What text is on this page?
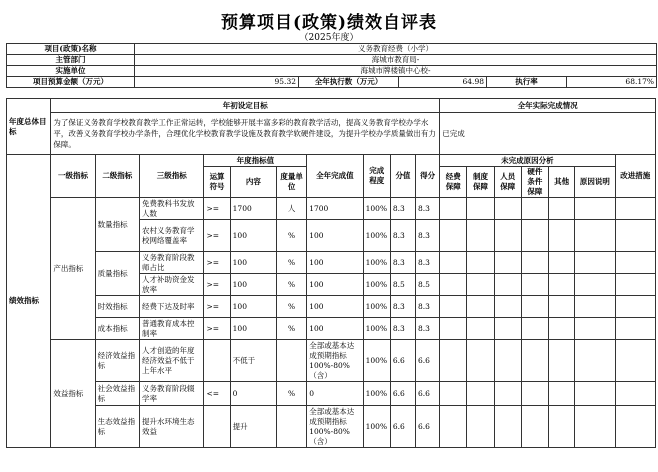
预算项目(政策)绩效自评表
（2025年度）
项目(政策)名称	义务教育经费（小学）				
主管部门	海城市教育局-				
实施单位	海城市牌楼镇中心校-				
项目预算金额（万元）	95.32	全年执行数（万元）	64.98	执行率	68.17%
年度总体目标	年初设定目标										全年实际完成情况						
	为了保证义务教育学校教育教学工作正常运转，学校能够开展丰富多彩的教育教学活动，提高义务教育学校办学水平，改善义务教育学校办学条件，合理优化学校教育教学设施及教育教学软硬件建设，为提升学校办学质量做出有力保障。										已完成						
绩效指标	一级指标	二级指标	三级指标	年度指标值			全年完成值	完成程度	分值	得分	未完成原因分析						改进措施
				运算符号	内容	度量单位					经费保障	制度保障	人员保障	硬件条件保障	其他	原因说明	

	产出指标	数量指标	免费教科书发放人数	>=	1700	人	1700	100%	8.3	8.3							
			农村义务教育学校网络覆盖率	>=	100	%	100	100%	8.3	8.3							
		质量指标	义务教育阶段教师占比	>=	100	%	100	100%	8.3	8.3							
			人才补助资金发放率	>=	100	%	100	100%	8.5	8.5							
		时效指标	经费下达及时率	>=	100	%	100	100%	8.3	8.3							
		成本指标	普通教育成本控制率	>=	100	%	100	100%	8.3	8.3							
	效益指标	经济效益指标	人才创造的年度经济效益不低于上年水平		不低于		全部或基本达成预期指标100%-80%（含）	100%	6.6	6.6							
		社会效益指标	义务教育阶段辍学率	<=	0	%	0	100%	6.6	6.6							
		生态效益指标	提升水环境生态效益		提升		全部或基本达成预期指标100%-80%（含）	100%	6.6	6.6							
